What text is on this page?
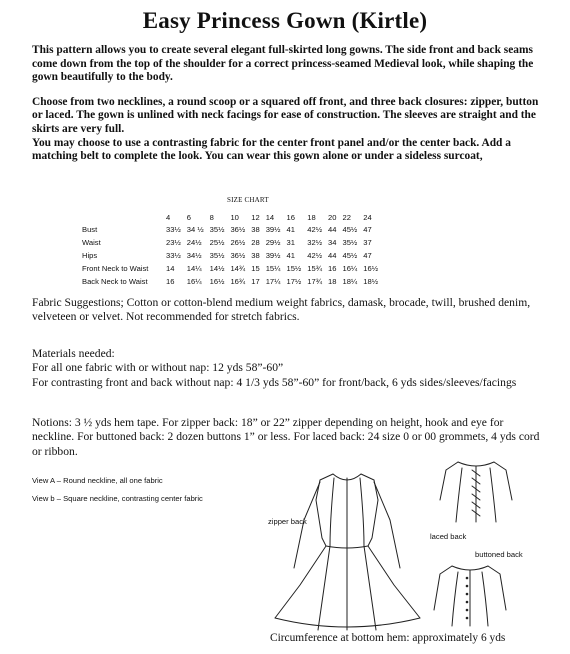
Easy Princess Gown (Kirtle)

This pattern allows you to create several elegant full-skirted long gowns. The side front and back seams come down from the top of the shoulder for a correct princess-seamed Medieval look, while shaping the gown beautifully to the body.

Choose from two necklines, a round scoop or a squared off front, and three back closures: zipper, button or laced. The gown is unlined with neck facings for ease of construction. The sleeves are straight and the skirts are very full.

You may choose to use a contrasting fabric for the center front panel and/or the center back. Add a matching belt to complete the look. You can wear this gown alone or under a sideless surcoat,

SIZE CHART
	4	6	8	10	12	14	16	18	20	22	24
Bust	33½	34 ½	35½	36½	38	39½	41	42½	44	45½	47
Waist	23½	24½	25½	26½	28	29½	31	32½	34	35½	37
Hips	33½	34½	35½	36½	38	39½	41	42½	44	45½	47
Front Neck to Waist	14	14¼	14½	14¾	15	15¼	15½	15¾	16	16¼	16½
Back Neck to Waist	16	16¼	16½	16¾	17	17¼	17½	17¾	18	18¼	18½
Fabric Suggestions; Cotton or cotton-blend medium weight fabrics, damask, brocade, twill, brushed denim, velveteen or velvet. Not recommended for stretch fabrics.

Materials needed:

For all one fabric with or without nap: 12 yds 58”-60”

For contrasting front and back without nap: 4 1/3 yds 58”-60” for front/back, 6 yds sides/sleeves/facings

Notions: 3 ½ yds hem tape. For zipper back: 18” or 22” zipper depending on height, hook and eye for neckline. For buttoned back: 2 dozen buttons 1” or less. For laced back: 24 size 0 or 00 grommets, 4 yds cord or ribbon.
View A – Round neckline, all one fabric
View b – Square neckline, contrasting center fabric
zipper back
laced back
buttoned back
Circumference at bottom hem: approximately 6 yds
